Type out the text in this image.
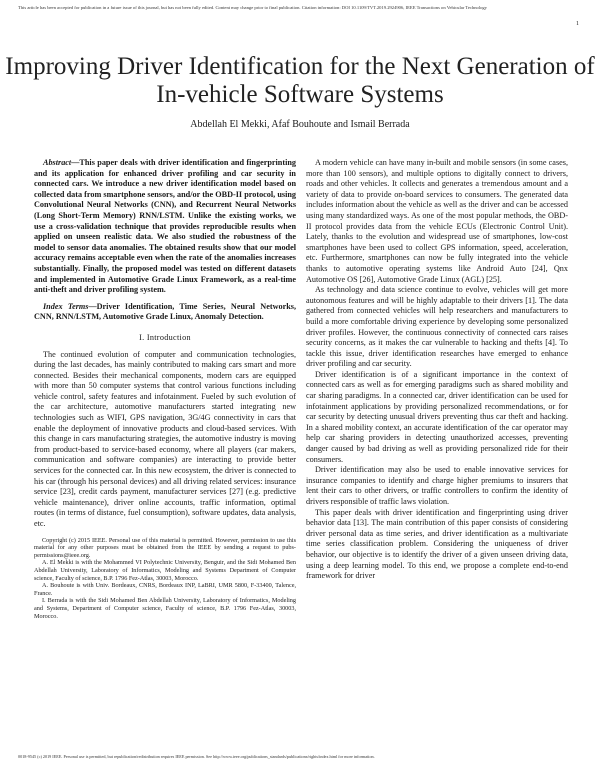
This article has been accepted for publication in a future issue of this journal, but has not been fully edited. Content may change prior to final publication. Citation information: DOI 10.1109/TVT.2019.2924906, IEEE Transactions on Vehicular Technology
1
Improving Driver Identification for the Next Generation of In-vehicle Software Systems
Abdellah El Mekki, Afaf Bouhoute and Ismail Berrada

Abstract—This paper deals with driver identification and fingerprinting and its application for enhanced driver profiling and car security in connected cars. We introduce a new driver identification model based on collected data from smartphone sensors, and/or the OBD-II protocol, using Convolutional Neural Networks (CNN), and Recurrent Neural Networks (Long Short-Term Memory) RNN/LSTM. Unlike the existing works, we use a cross-validation technique that provides reproducible results when applied on unseen realistic data. We also studied the robustness of the model to sensor data anomalies. The obtained results show that our model accuracy remains acceptable even when the rate of the anomalies increases substantially. Finally, the proposed model was tested on different datasets and implemented in Automotive Grade Linux Framework, as a real-time anti-theft and driver profiling system.

Index Terms—Driver Identification, Time Series, Neural Networks, CNN, RNN/LSTM, Automotive Grade Linux, Anomaly Detection.

I. Introduction

The continued evolution of computer and communication technologies, during the last decades, has mainly contributed to making cars smart and more connected. Besides their mechanical components, modern cars are equipped with more than 50 computer systems that control various functions including vehicle control, safety features and infotainment. Fueled by such evolution of the car architecture, automotive manufacturers started integrating new technologies such as WIFI, GPS navigation, 3G/4G connectivity in cars that enable the deployment of innovative products and cloud-based services. With this change in cars manufacturing strategies, the automotive industry is moving from product-based to service-based economy, where all players (car makers, communication and software companies) are interacting to provide better services for the connected car. In this new ecosystem, the driver is connected to his car (through his personal devices) and all driving related services: insurance service [23], credit cards payment, manufacturer services [27] (e.g. predictive vehicle maintenance), driver online accounts, traffic information, optimal routes (in terms of distance, fuel consumption), software updates, data analysis, etc.

Copyright (c) 2015 IEEE. Personal use of this material is permitted. However, permission to use this material for any other purposes must be obtained from the IEEE by sending a request to pubs-permissions@ieee.org.

A. El Mekki is with the Mohammed VI Polytechnic University, Benguir, and the Sidi Mohamed Ben Abdellah University, Laboratory of Informatics, Modeling and Systems Department of Computer science, Faculty of science, B.P. 1796 Fez-Atlas, 30003, Morocco.

A. Bouhoute is with Univ. Bordeaux, CNRS, Bordeaux INP, LaBRI, UMR 5800, F-33400, Talence, France.

I. Berrada is with the Sidi Mohamed Ben Abdellah University, Laboratory of Informatics, Modeling and Systems, Department of Computer science, Faculty of science, B.P. 1796 Fez-Atlas, 30003, Morocco.

A modern vehicle can have many in-built and mobile sensors (in some cases, more than 100 sensors), and multiple options to digitally connect to drivers, roads and other vehicles. It collects and generates a tremendous amount and a variety of data to provide on-board services to consumers. The generated data includes information about the vehicle as well as the driver and can be accessed using many standardized ways. As one of the most popular methods, the OBD-II protocol provides data from the vehicle ECUs (Electronic Control Unit). Lately, thanks to the evolution and widespread use of smartphones, low-cost smartphones have been used to collect GPS information, speed, acceleration, etc. Furthermore, smartphones can now be fully integrated into the vehicle thanks to automotive operating systems like Android Auto [24], Qnx Automotive OS [26], Automotive Grade Linux (AGL) [25].

As technology and data science continue to evolve, vehicles will get more autonomous features and will be highly adaptable to their drivers [1]. The data gathered from connected vehicles will help researchers and manufacturers to build a more comfortable driving experience by developing some personalized driver profiles. However, the continuous connectivity of connected cars raises security concerns, as it makes the car vulnerable to hacking and thefts [4]. To tackle this issue, driver identification researches have emerged to enhance driver profiling and car security.

Driver identification is of a significant importance in the context of connected cars as well as for emerging paradigms such as shared mobility and car sharing paradigms. In a connected car, driver identification can be used for infotainment applications by providing personalized recommendations, or for car security by detecting unusual drivers preventing thus car theft and hacking. In a shared mobility context, an accurate identification of the car operator may help car sharing providers in detecting unauthorized accesses, preventing danger caused by bad driving as well as providing personalized ride for their consumers.

Driver identification may also be used to enable innovative services for insurance companies to identify and charge higher premiums to insurers that lent their cars to other drivers, or traffic controllers to confirm the identity of drivers responsible of traffic laws violation.

This paper deals with driver identification and fingerprinting using driver behavior data [13]. The main contribution of this paper consists of considering driver personal data as time series, and driver identification as a multivariate time series classification problem. Considering the uniqueness of driver behavior, our objective is to identify the driver of a given unseen driving data, using a deep learning model. To this end, we propose a complete end-to-end framework for driver

0018-9545 (c) 2019 IEEE. Personal use is permitted, but republication/redistribution requires IEEE permission. See http://www.ieee.org/publications_standards/publications/rights/index.html for more information.
